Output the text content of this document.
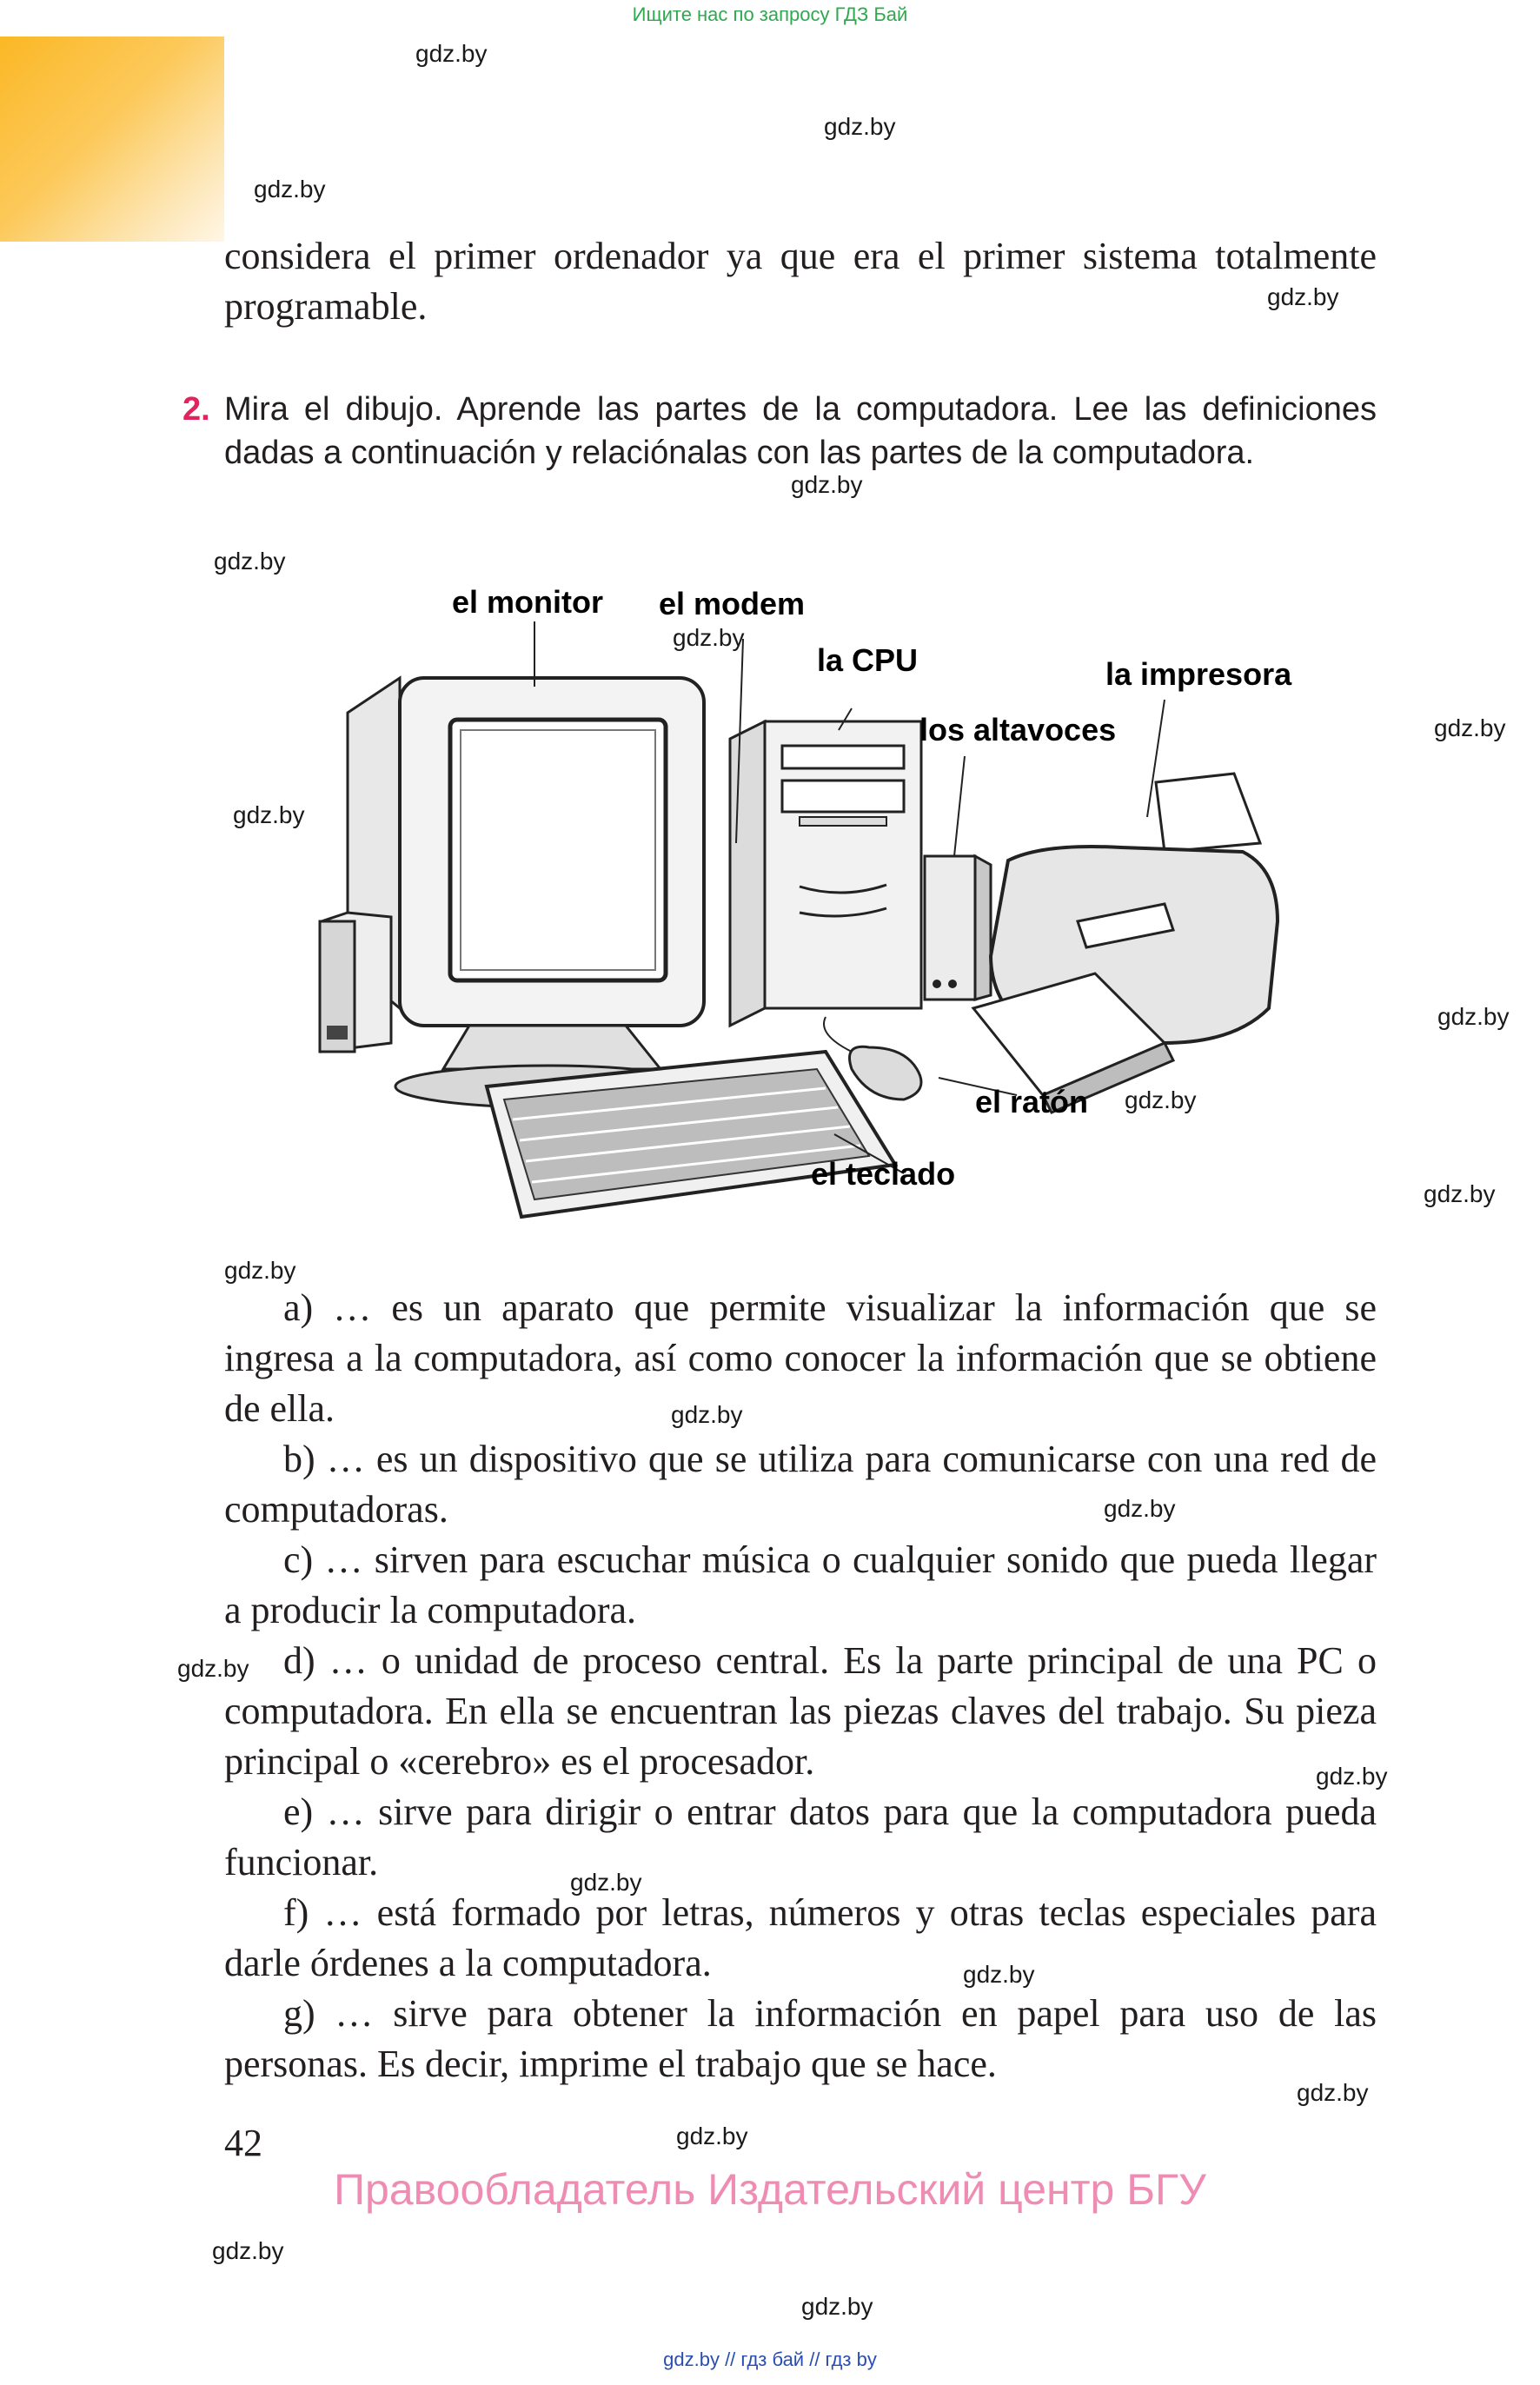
Ищите нас по запросу ГДЗ Бай
gdz.by
gdz.by
gdz.by
gdz.by
gdz.by
gdz.by
gdz.by
gdz.by
gdz.by
gdz.by
gdz.by
gdz.by
gdz.by
gdz.by
gdz.by
gdz.by
gdz.by
gdz.by
gdz.by
gdz.by
gdz.by
gdz.by
gdz.by
considera el primer ordenador ya que era el primer sistema totalmente programable.
2. Mira el dibujo. Aprende las partes de la computadora. Lee las definiciones dadas a continuación y relaciónalas con las partes de la computadora.
el monitor el modem
la CPU	la impresora
los altavoces
el ratón
el teclado
a) … es un aparato que permite visualizar la información que se ingresa a la computadora, así como conocer la información que se obtiene de ella.
b) … es un dispositivo que se utiliza para comunicarse con una red de computadoras.
c) … sirven para escuchar música o cualquier sonido que pueda llegar a producir la computadora.
d) … o unidad de proceso central. Es la parte principal de una PC o computadora. En ella se encuentran las piezas claves del trabajo. Su pieza principal o «cerebro» es el procesador.
e) … sirve para dirigir o entrar datos para que la computadora pueda funcionar.
f) … está formado por letras, números y otras teclas especiales para darle órdenes a la computadora.
g) … sirve para obtener la información en papel para uso de las personas. Es decir, imprime el trabajo que se hace.
42
Правообладатель Издательский центр БГУ
gdz.by // гдз бай // гдз by
